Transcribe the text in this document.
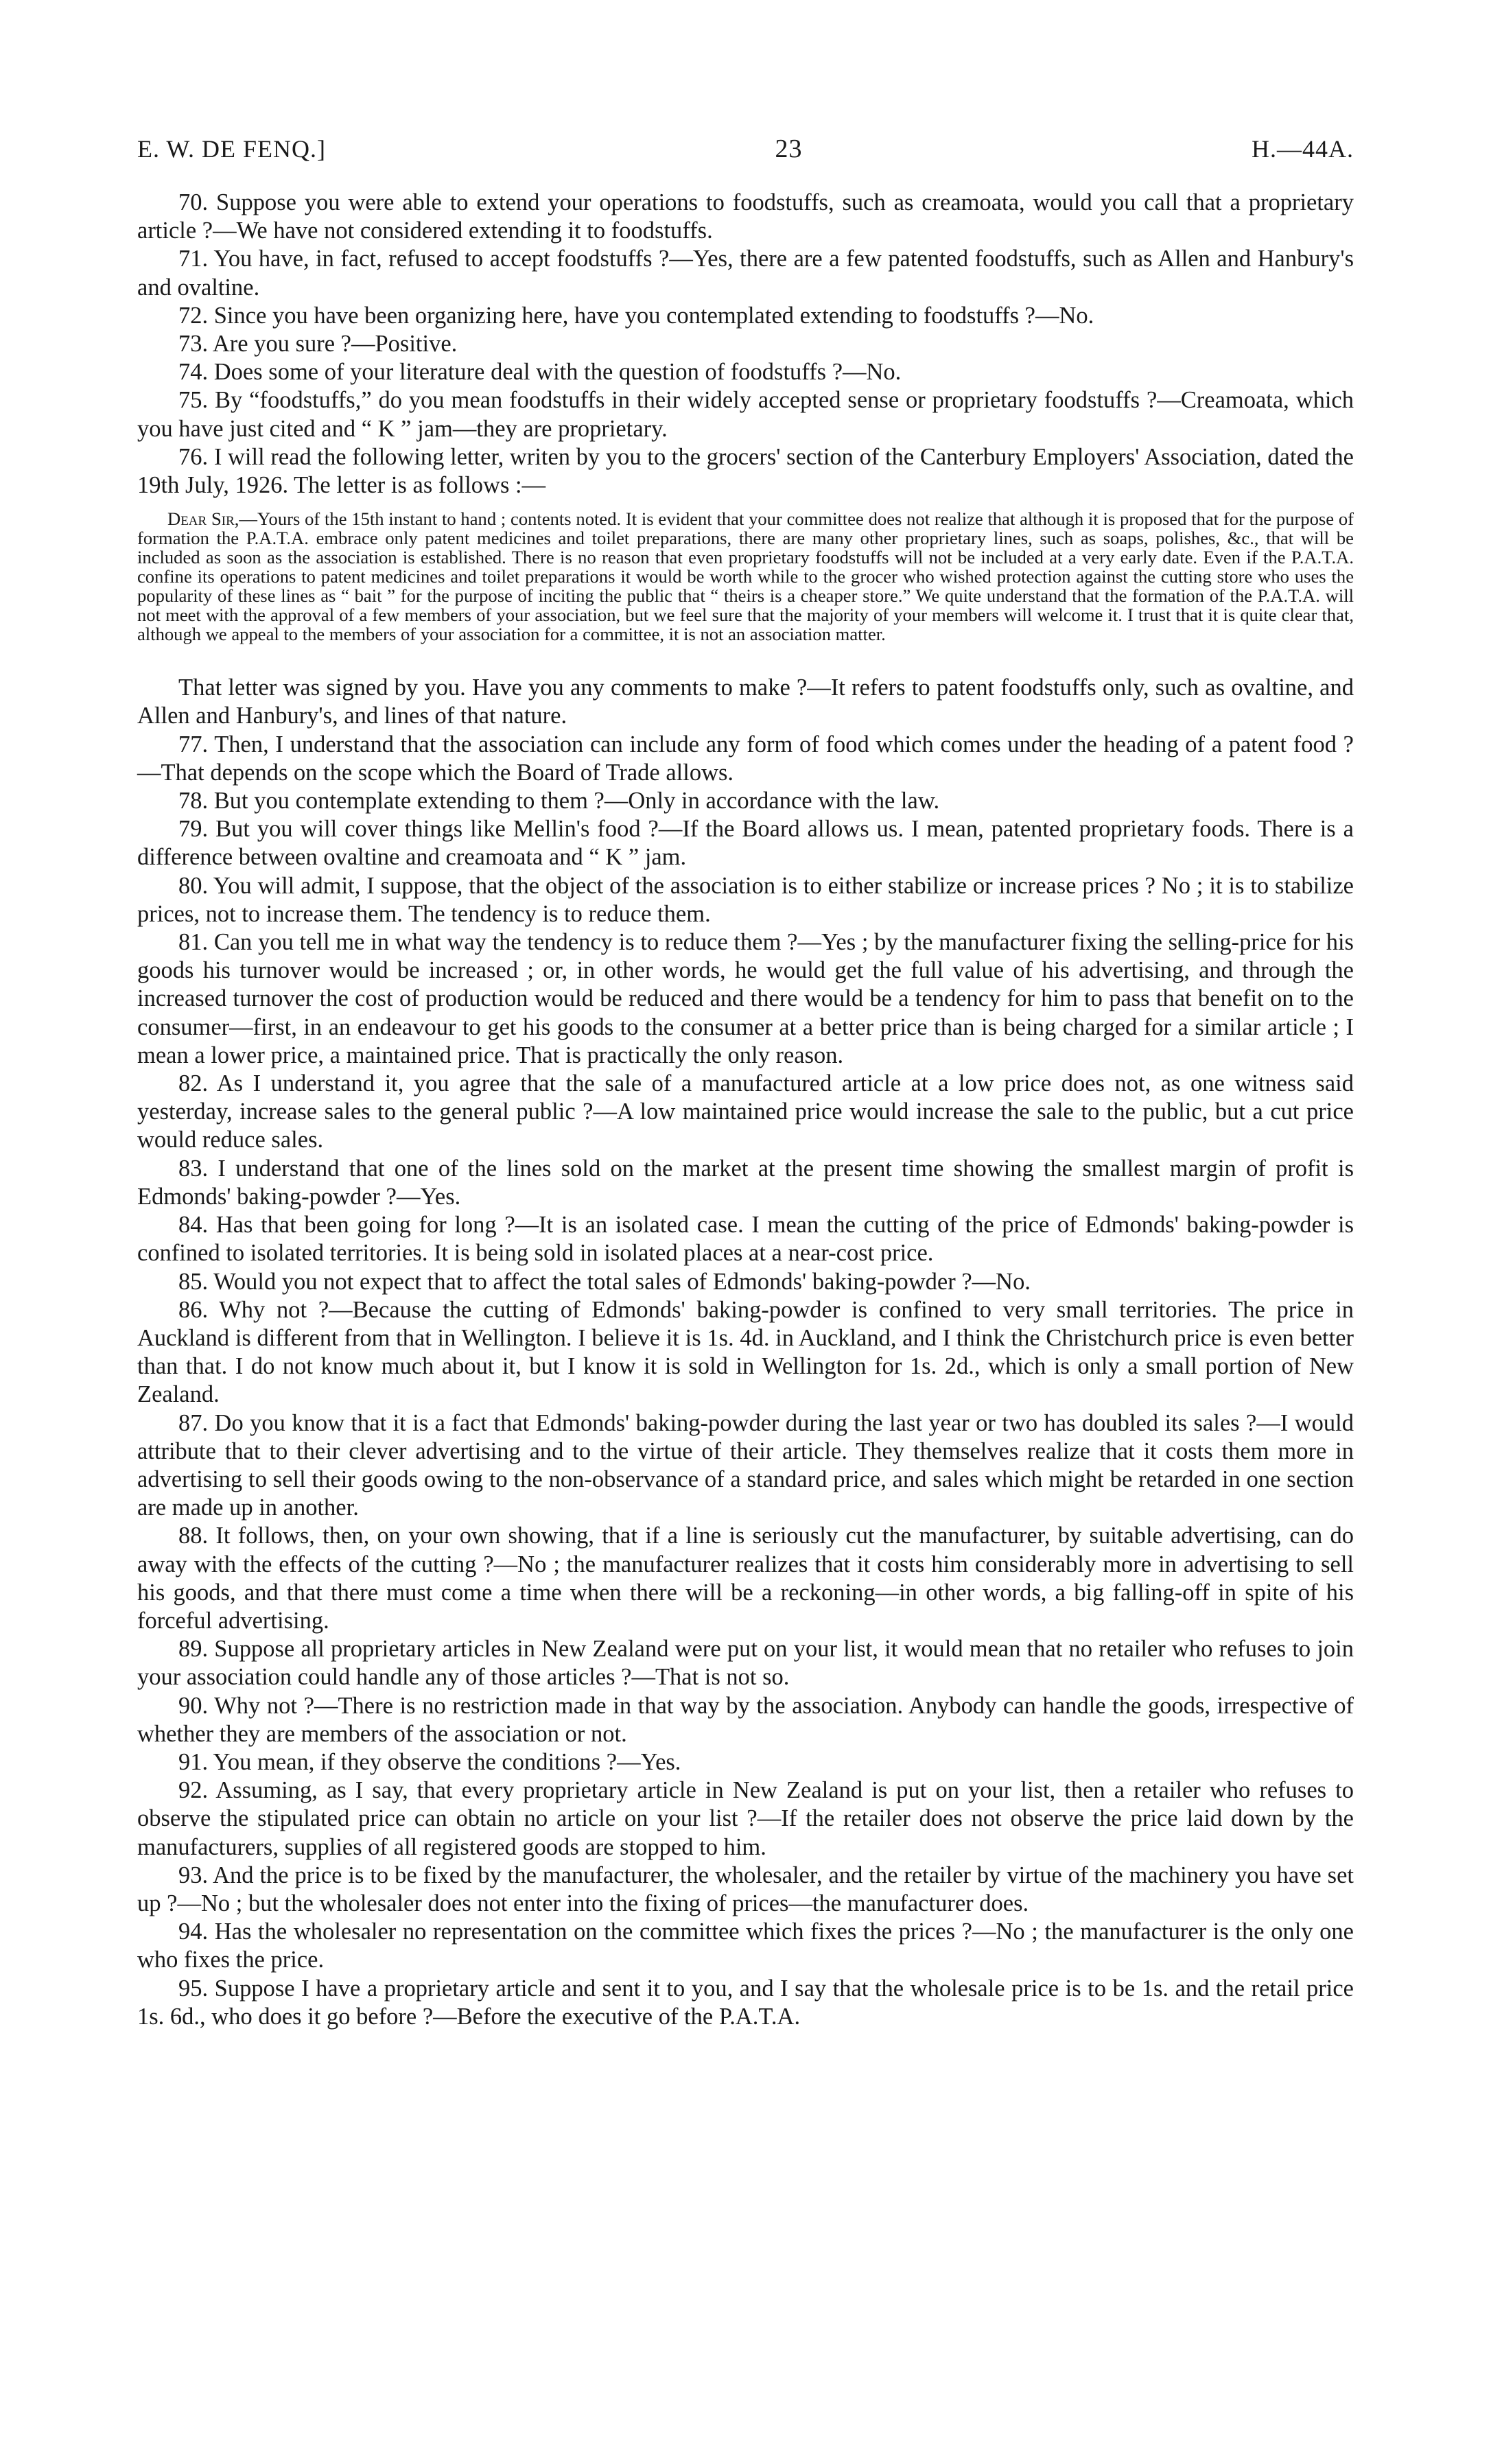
E. W. DE FENQ.]	23	H.—44A.

70. Suppose you were able to extend your operations to foodstuffs, such as creamoata, would you call that a proprietary article ?—We have not considered extending it to foodstuffs.

71. You have, in fact, refused to accept foodstuffs ?—Yes, there are a few patented foodstuffs, such as Allen and Hanbury's and ovaltine.

72. Since you have been organizing here, have you contemplated extending to foodstuffs ?—No.

73. Are you sure ?—Positive.

74. Does some of your literature deal with the question of foodstuffs ?—No.

75. By “foodstuffs,” do you mean foodstuffs in their widely accepted sense or proprietary foodstuffs ?—Creamoata, which you have just cited and “ K ” jam—they are proprietary.

76. I will read the following letter, writen by you to the grocers' section of the Canterbury Employers' Association, dated the 19th July, 1926. The letter is as follows :—

Dear Sir,—Yours of the 15th instant to hand ; contents noted. It is evident that your committee does not realize that although it is proposed that for the purpose of formation the P.A.T.A. embrace only patent medicines and toilet preparations, there are many other proprietary lines, such as soaps, polishes, &c., that will be included as soon as the association is established. There is no reason that even proprietary foodstuffs will not be included at a very early date. Even if the P.A.T.A. confine its operations to patent medicines and toilet preparations it would be worth while to the grocer who wished protection against the cutting store who uses the popularity of these lines as “ bait ” for the purpose of inciting the public that “ theirs is a cheaper store.” We quite understand that the formation of the P.A.T.A. will not meet with the approval of a few members of your association, but we feel sure that the majority of your members will welcome it. I trust that it is quite clear that, although we appeal to the members of your association for a committee, it is not an association matter.

That letter was signed by you. Have you any comments to make ?—It refers to patent foodstuffs only, such as ovaltine, and Allen and Hanbury's, and lines of that nature.

77. Then, I understand that the association can include any form of food which comes under the heading of a patent food ?—That depends on the scope which the Board of Trade allows.

78. But you contemplate extending to them ?—Only in accordance with the law.

79. But you will cover things like Mellin's food ?—If the Board allows us. I mean, patented proprietary foods. There is a difference between ovaltine and creamoata and “ K ” jam.

80. You will admit, I suppose, that the object of the association is to either stabilize or increase prices ? No ; it is to stabilize prices, not to increase them. The tendency is to reduce them.

81. Can you tell me in what way the tendency is to reduce them ?—Yes ; by the manufacturer fixing the selling-price for his goods his turnover would be increased ; or, in other words, he would get the full value of his advertising, and through the increased turnover the cost of production would be reduced and there would be a tendency for him to pass that benefit on to the consumer—first, in an endeavour to get his goods to the consumer at a better price than is being charged for a similar article ; I mean a lower price, a maintained price. That is practically the only reason.

82. As I understand it, you agree that the sale of a manufactured article at a low price does not, as one witness said yesterday, increase sales to the general public ?—A low maintained price would increase the sale to the public, but a cut price would reduce sales.

83. I understand that one of the lines sold on the market at the present time showing the smallest margin of profit is Edmonds' baking-powder ?—Yes.

84. Has that been going for long ?—It is an isolated case. I mean the cutting of the price of Edmonds' baking-powder is confined to isolated territories. It is being sold in isolated places at a near-cost price.

85. Would you not expect that to affect the total sales of Edmonds' baking-powder ?—No.

86. Why not ?—Because the cutting of Edmonds' baking-powder is confined to very small territories. The price in Auckland is different from that in Wellington. I believe it is 1s. 4d. in Auckland, and I think the Christchurch price is even better than that. I do not know much about it, but I know it is sold in Wellington for 1s. 2d., which is only a small portion of New Zealand.

87. Do you know that it is a fact that Edmonds' baking-powder during the last year or two has doubled its sales ?—I would attribute that to their clever advertising and to the virtue of their article. They themselves realize that it costs them more in advertising to sell their goods owing to the non-observance of a standard price, and sales which might be retarded in one section are made up in another.

88. It follows, then, on your own showing, that if a line is seriously cut the manufacturer, by suitable advertising, can do away with the effects of the cutting ?—No ; the manufacturer realizes that it costs him considerably more in advertising to sell his goods, and that there must come a time when there will be a reckoning—in other words, a big falling-off in spite of his forceful advertising.

89. Suppose all proprietary articles in New Zealand were put on your list, it would mean that no retailer who refuses to join your association could handle any of those articles ?—That is not so.

90. Why not ?—There is no restriction made in that way by the association. Anybody can handle the goods, irrespective of whether they are members of the association or not.

91. You mean, if they observe the conditions ?—Yes.

92. Assuming, as I say, that every proprietary article in New Zealand is put on your list, then a retailer who refuses to observe the stipulated price can obtain no article on your list ?—If the retailer does not observe the price laid down by the manufacturers, supplies of all registered goods are stopped to him.

93. And the price is to be fixed by the manufacturer, the wholesaler, and the retailer by virtue of the machinery you have set up ?—No ; but the wholesaler does not enter into the fixing of prices—the manufacturer does.

94. Has the wholesaler no representation on the committee which fixes the prices ?—No ; the manufacturer is the only one who fixes the price.

95. Suppose I have a proprietary article and sent it to you, and I say that the wholesale price is to be 1s. and the retail price 1s. 6d., who does it go before ?—Before the executive of the P.A.T.A.
